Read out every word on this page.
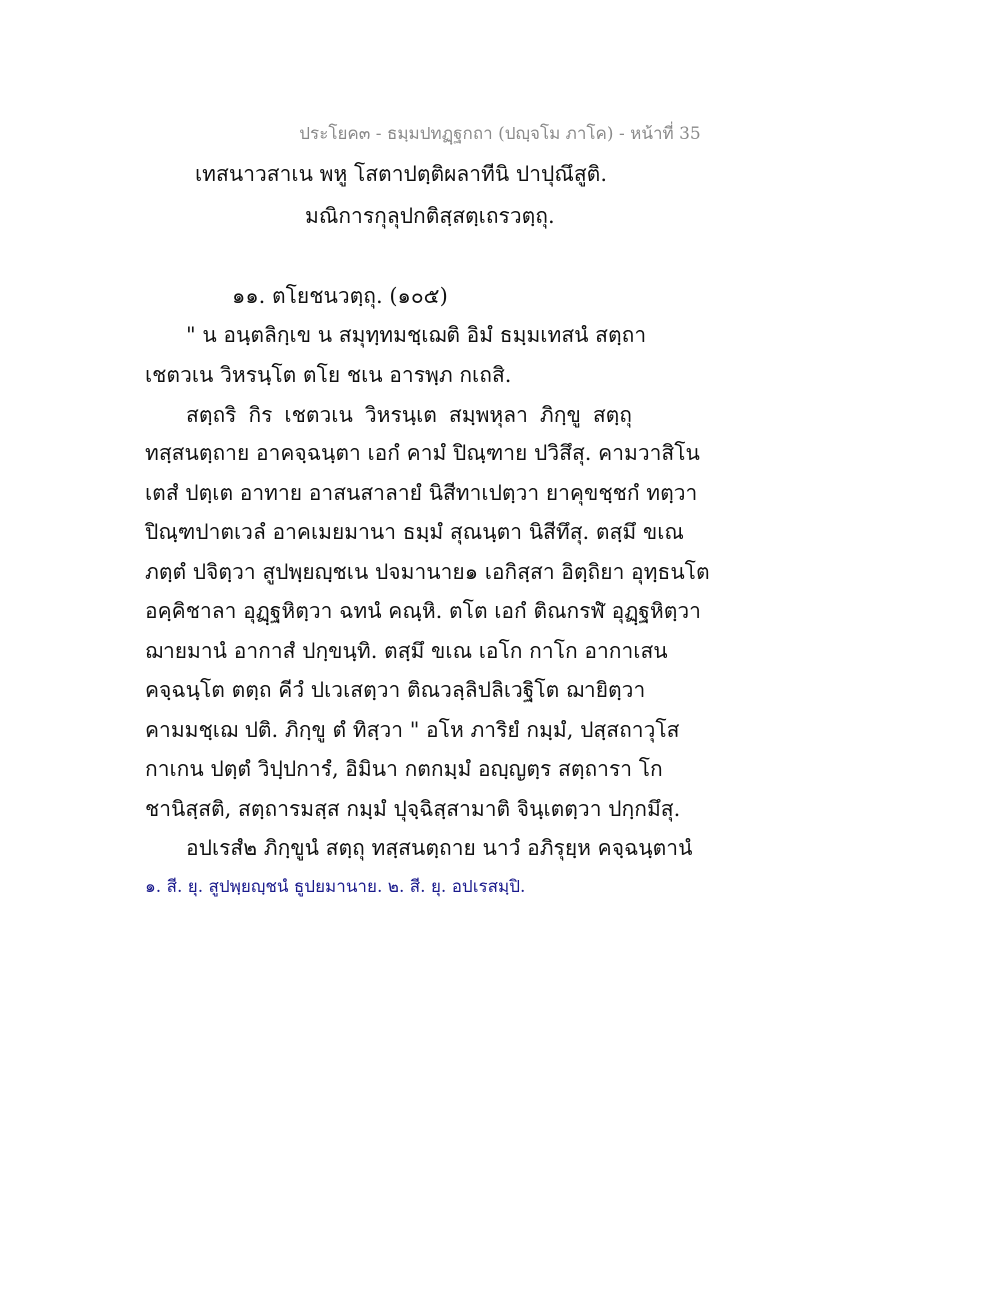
ประโยค๓ - ธมฺมปทฏฺฐกถา (ปญฺจโม ภาโค) - หน้าที่ 35
เทสนาวสาเน พหู โสตาปตฺติผลาทีนิ ปาปุณึสูติ.
มณิการกุลุปกติสฺสตฺเถรวตฺถุ.
๑๑. ตโยชนวตฺถุ. (๑๐๕)
" น อนฺตลิกฺเข น สมุทฺทมชฺเฌติ อิมํ ธมฺมเทสนํ สตฺถา
เชตวเน วิหรนฺโต ตโย ชเน อารพฺภ กเถสิ.
สตฺถริ กิร เชตวเน วิหรนฺเต สมฺพหุลา ภิกฺขู สตฺถุ
ทสฺสนตฺถาย อาคจฺฉนฺตา เอกํ คามํ ปิณฺฑาย ปวิสึสุ. คามวาสิโน
เตสํ ปตฺเต อาทาย อาสนสาลายํ นิสีทาเปตฺวา ยาคุขชฺชกํ ทตฺวา
ปิณฺฑปาตเวลํ อาคเมยมานา ธมฺมํ สุณนฺตา นิสีทึสุ. ตสฺมึ ขเณ
ภตฺตํ ปจิตฺวา สูปพฺยญฺชเน ปจมานาย๑ เอกิสฺสา อิตฺถิยา อุทฺธนโต
อคฺคิชาลา อุฏฺฐหิตฺวา ฉทนํ คณฺหิ. ตโต เอกํ ติณกรฬํ อุฏฺฐหิตฺวา
ฌายมานํ อากาสํ ปกฺขนฺทิ. ตสฺมึ ขเณ เอโก กาโก อากาเสน
คจฺฉนฺโต ตตฺถ คีวํ ปเวเสตฺวา ติณวลฺลิปลิเวฐิโต ฌายิตฺวา
คามมชฺเฌ ปติ. ภิกฺขู ตํ ทิสฺวา " อโห ภาริยํ กมฺมํ, ปสฺสถาวุโส
กาเกน ปตฺตํ วิปฺปการํ, อิมินา กตกมฺมํ อญฺญตฺร สตฺถารา โก
ชานิสฺสติ, สตฺถารมสฺส กมฺมํ ปุจฺฉิสฺสามาติ จินฺเตตฺวา ปกฺกมึสุ.
อปเรสํ๒ ภิกฺขูนํ สตฺถุ ทสฺสนตฺถาย นาวํ อภิรุยฺห คจฺฉนฺตานํ
๑. สี. ยุ. สูปพฺยญฺชนํ ธูปยมานาย. ๒. สี. ยุ. อปเรสมฺปิ.
